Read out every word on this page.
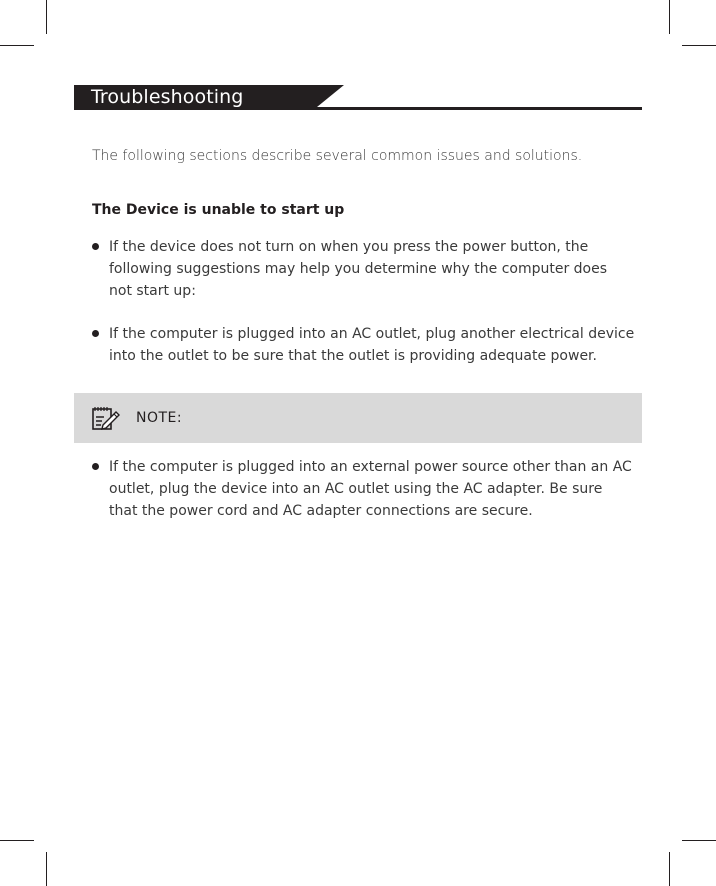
Troubleshooting
The following sections describe several common issues and solutions.
The Device is unable to start up
If the device does not turn on when you press the power button, the
following suggestions may help you determine why the computer does
not start up:
If the computer is plugged into an AC outlet, plug another electrical device
into the outlet to be sure that the outlet is providing adequate power.
NOTE:
If the computer is plugged into an external power source other than an AC
outlet, plug the device into an AC outlet using the AC adapter. Be sure
that the power cord and AC adapter connections are secure.
